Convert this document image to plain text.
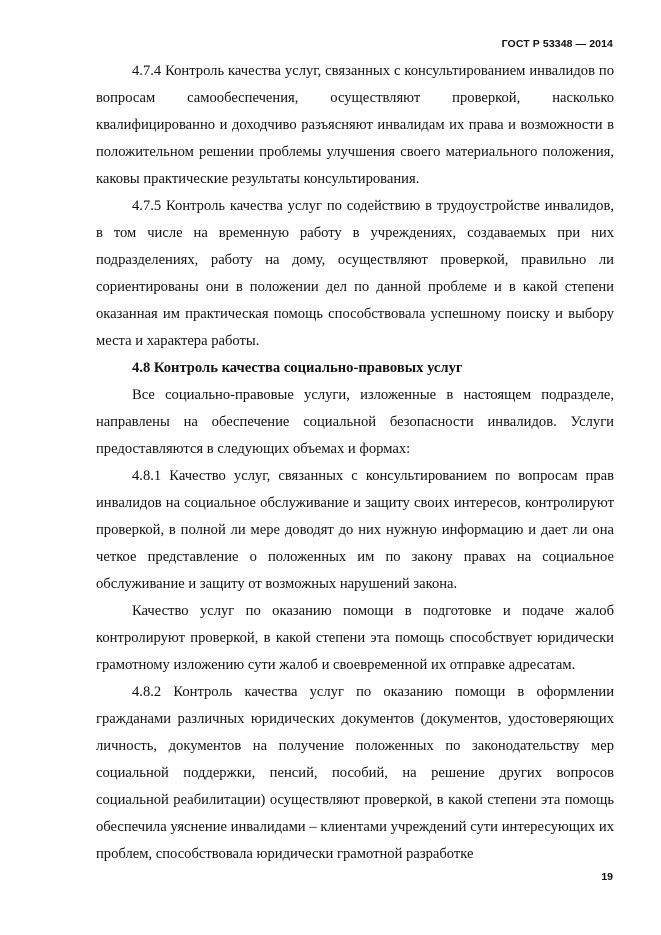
ГОСТ Р 53348 — 2014

4.7.4 Контроль качества услуг, связанных с консультированием инвалидов по вопросам самообеспечения, осуществляют проверкой, насколько квалифицированно и доходчиво разъясняют инвалидам их права и возможности в положительном решении проблемы улучшения своего материального положения, каковы практические результаты консультирования.

4.7.5 Контроль качества услуг по содействию в трудоустройстве инвалидов, в том числе на временную работу в учреждениях, создаваемых при них подразделениях, работу на дому, осуществляют проверкой, правильно ли сориентированы они в положении дел по данной проблеме и в какой степени оказанная им практическая помощь способствовала успешному поиску и выбору места и характера работы.

4.8 Контроль качества социально-правовых услуг

Все социально-правовые услуги, изложенные в настоящем подразделе, направлены на обеспечение социальной безопасности инвалидов. Услуги предоставляются в следующих объемах и формах:

4.8.1 Качество услуг, связанных с консультированием по вопросам прав инвалидов на социальное обслуживание и защиту своих интересов, контролируют проверкой, в полной ли мере доводят до них нужную информацию и дает ли она четкое представление о положенных им по закону правах на социальное обслуживание и защиту от возможных нарушений закона.

Качество услуг по оказанию помощи в подготовке и подаче жалоб контролируют проверкой, в какой степени эта помощь способствует юридически грамотному изложению сути жалоб и своевременной их отправке адресатам.

4.8.2 Контроль качества услуг по оказанию помощи в оформлении гражданами различных юридических документов (документов, удостоверяющих личность, документов на получение положенных по законодательству мер социальной поддержки, пенсий, пособий, на решение других вопросов социальной реабилитации) осуществляют проверкой, в какой степени эта помощь обеспечила уяснение инвалидами – клиентами учреждений сути интересующих их проблем, способствовала юридически грамотной разработке

19
